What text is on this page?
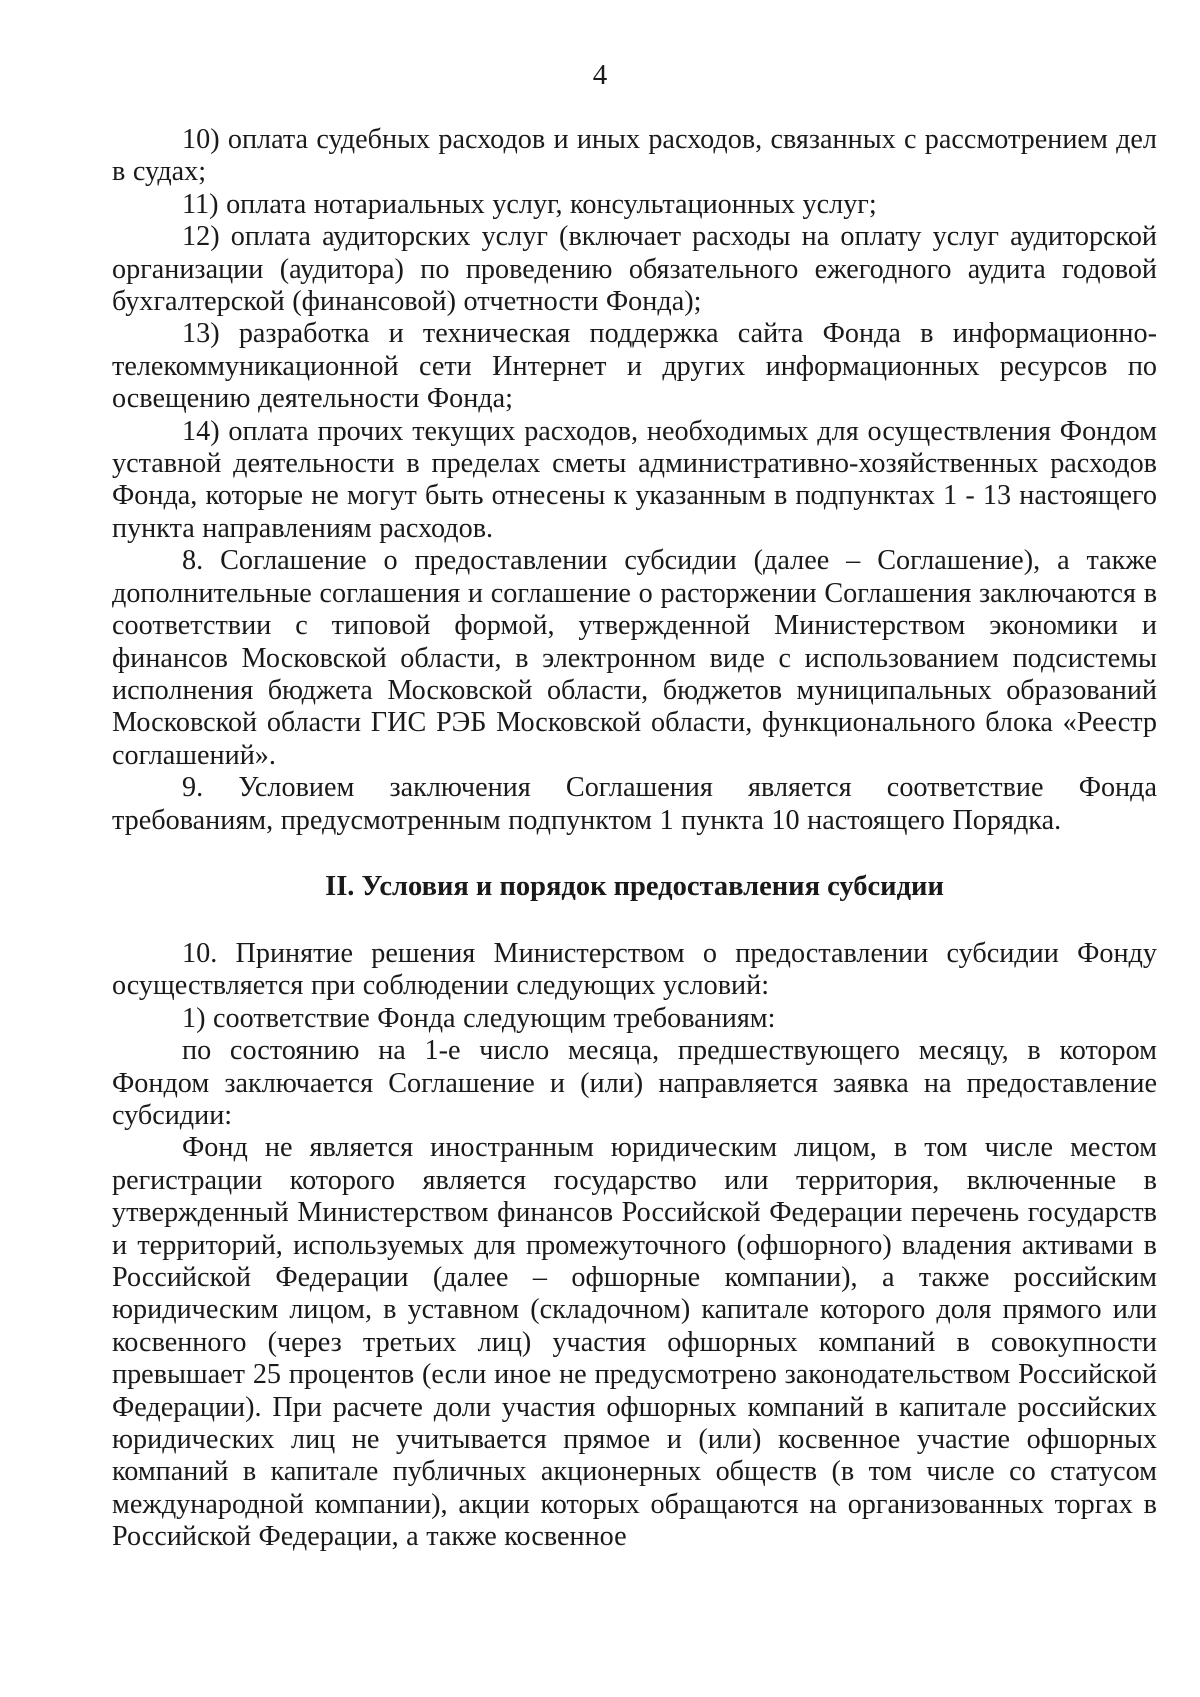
4

10) оплата судебных расходов и иных расходов, связанных с рассмотрением дел в судах;

11) оплата нотариальных услуг, консультационных услуг;

12) оплата аудиторских услуг (включает расходы на оплату услуг аудиторской организации (аудитора) по проведению обязательного ежегодного аудита годовой бухгалтерской (финансовой) отчетности Фонда);

13) разработка и техническая поддержка сайта Фонда в информационно-телекоммуникационной сети Интернет и других информационных ресурсов по освещению деятельности Фонда;

14) оплата прочих текущих расходов, необходимых для осуществления Фондом уставной деятельности в пределах сметы административно-хозяйственных расходов Фонда, которые не могут быть отнесены к указанным в подпунктах 1 - 13 настоящего пункта направлениям расходов.

8. Соглашение о предоставлении субсидии (далее – Соглашение), а также дополнительные соглашения и соглашение о расторжении Соглашения заключаются в соответствии с типовой формой, утвержденной Министерством экономики и финансов Московской области, в электронном виде с использованием подсистемы исполнения бюджета Московской области, бюджетов муниципальных образований Московской области ГИС РЭБ Московской области, функционального блока «Реестр соглашений».

9. Условием заключения Соглашения является соответствие Фонда требованиям, предусмотренным подпунктом 1 пункта 10 настоящего Порядка.

II. Условия и порядок предоставления субсидии

10. Принятие решения Министерством о предоставлении субсидии Фонду осуществляется при соблюдении следующих условий:

1) соответствие Фонда следующим требованиям:

по состоянию на 1-е число месяца, предшествующего месяцу, в котором Фондом заключается Соглашение и (или) направляется заявка на предоставление субсидии:

Фонд не является иностранным юридическим лицом, в том числе местом регистрации которого является государство или территория, включенные в утвержденный Министерством финансов Российской Федерации перечень государств и территорий, используемых для промежуточного (офшорного) владения активами в Российской Федерации (далее – офшорные компании), а также российским юридическим лицом, в уставном (складочном) капитале которого доля прямого или косвенного (через третьих лиц) участия офшорных компаний в совокупности превышает 25 процентов (если иное не предусмотрено законодательством Российской Федерации). При расчете доли участия офшорных компаний в капитале российских юридических лиц не учитывается прямое и (или) косвенное участие офшорных компаний в капитале публичных акционерных обществ (в том числе со статусом международной компании), акции которых обращаются на организованных торгах в Российской Федерации, а также косвенное
